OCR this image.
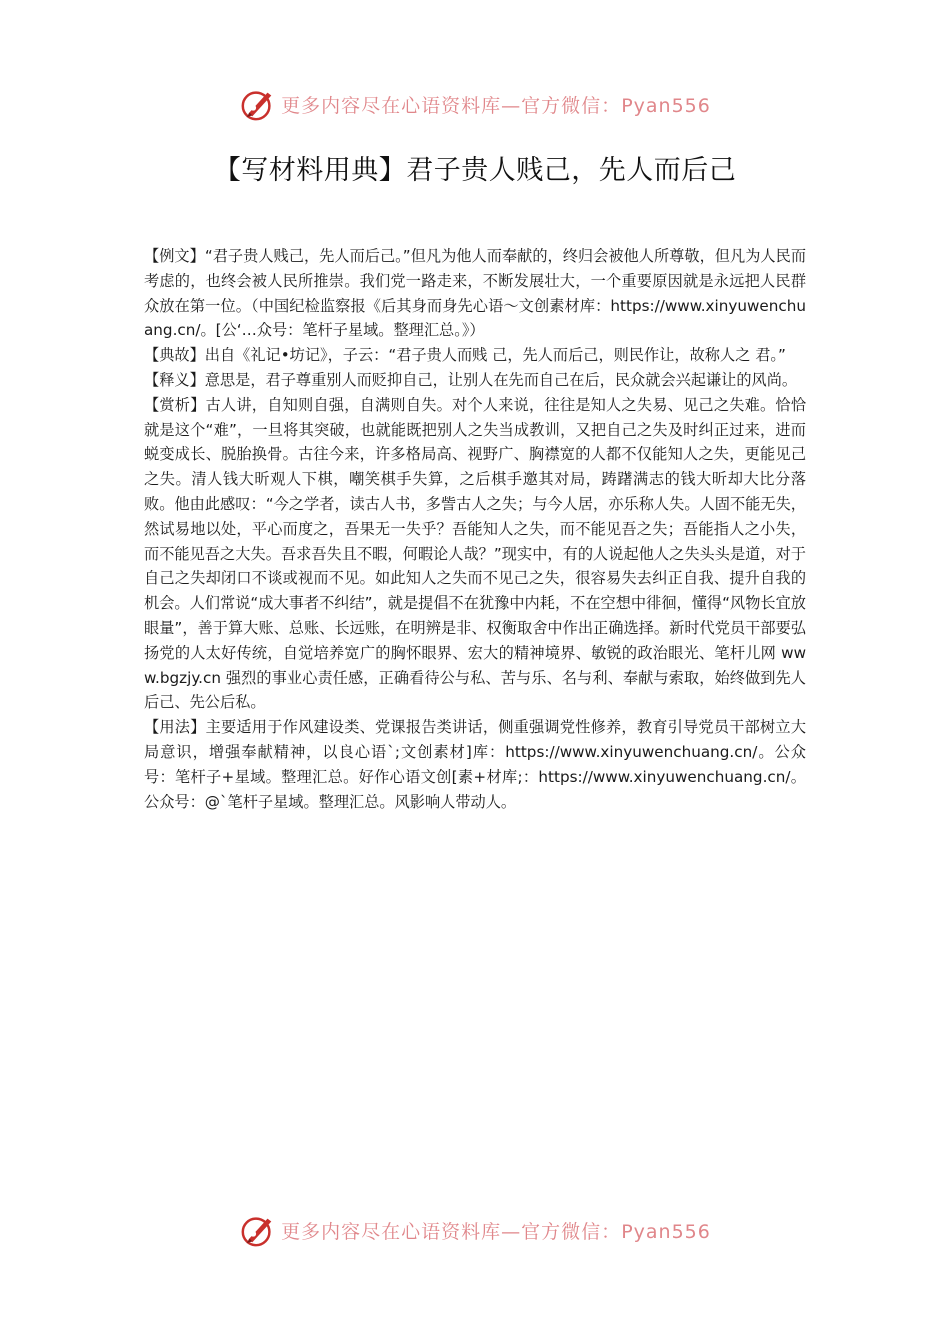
更多内容尽在心语资料库—官方微信：Pyan556
【写材料用典】君子贵人贱己，先人而后己

【例文】“君子贵人贱己，先人而后己。”但凡为他人而奉献的，终归会被他人所尊敬，但凡为人民而考虑的，也终会被人民所推崇。我们党一路走来，不断发展壮大，一个重要原因就是永远把人民群众放在第一位。（中国纪检监察报《后其身而身先心语～文创素材库：https://www.xinyuwenchuang.cn/。[公‘…众号：笔杆子星域。整理汇总。》）

【典故】出自《礼记•坊记》，子云：“君子贵人而贱 己，先人而后己，则民作让，故称人之 君。”

【释义】意思是，君子尊重别人而贬抑自己，让别人在先而自己在后，民众就会兴起谦让的风尚。

【赏析】古人讲，自知则自强，自满则自失。对个人来说，往往是知人之失易、见己之失难。恰恰就是这个“难”，一旦将其突破，也就能既把别人之失当成教训，又把自己之失及时纠正过来，进而蜕变成长、脱胎换骨。古往今来，许多格局高、视野广、胸襟宽的人都不仅能知人之失，更能见己之失。清人钱大昕观人下棋，嘲笑棋手失算，之后棋手邀其对局，踌躇满志的钱大昕却大比分落败。他由此感叹：“今之学者，读古人书，多訾古人之失；与今人居，亦乐称人失。人固不能无失，然试易地以处，平心而度之，吾果无一失乎？吾能知人之失，而不能见吾之失；吾能指人之小失，而不能见吾之大失。吾求吾失且不暇，何暇论人哉？”现实中，有的人说起他人之失头头是道，对于自己之失却闭口不谈或视而不见。如此知人之失而不见己之失，很容易失去纠正自我、提升自我的机会。人们常说“成大事者不纠结”，就是提倡不在犹豫中内耗，不在空想中徘徊，懂得“风物长宜放眼量”，善于算大账、总账、长远账，在明辨是非、权衡取舍中作出正确选择。新时代党员干部要弘扬党的人太好传统，自觉培养宽广的胸怀眼界、宏大的精神境界、敏锐的政治眼光、笔杆儿网 www.bgzjy.cn 强烈的事业心责任感，正确看待公与私、苦与乐、名与利、奉献与索取，始终做到先人后己、先公后私。

【用法】主要适用于作风建设类、党课报告类讲话，侧重强调党性修养，教育引导党员干部树立大局意识，增强奉献精神，以良心语`;文创素材]库：https://www.xinyuwenchuang.cn/。公众号：笔杆子+星域。整理汇总。好作心语文创[素+材库;：https://www.xinyuwenchuang.cn/。公众号：@`笔杆子星域。整理汇总。风影响人带动人。

更多内容尽在心语资料库—官方微信：Pyan556
